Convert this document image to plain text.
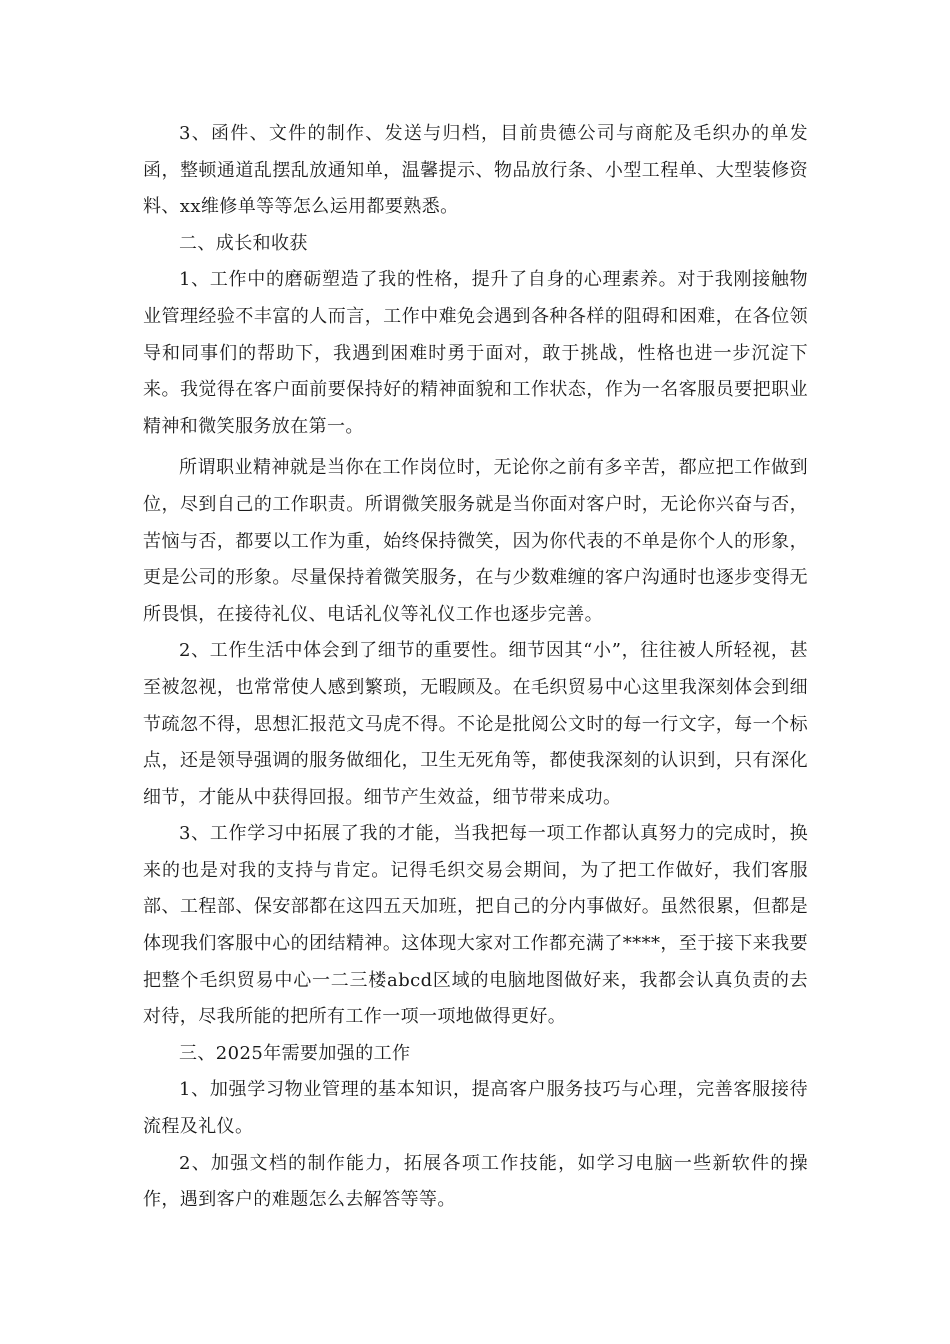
3、函件、文件的制作、发送与归档，目前贵德公司与商舵及毛织办的单发函，整顿通道乱摆乱放通知单，温馨提示、物品放行条、小型工程单、大型装修资料、xx维修单等等怎么运用都要熟悉。

二、成长和收获

1、工作中的磨砺塑造了我的性格，提升了自身的心理素养。对于我刚接触物业管理经验不丰富的人而言，工作中难免会遇到各种各样的阻碍和困难，在各位领导和同事们的帮助下，我遇到困难时勇于面对，敢于挑战，性格也进一步沉淀下来。我觉得在客户面前要保持好的精神面貌和工作状态，作为一名客服员要把职业精神和微笑服务放在第一。

所谓职业精神就是当你在工作岗位时，无论你之前有多辛苦，都应把工作做到位，尽到自己的工作职责。所谓微笑服务就是当你面对客户时，无论你兴奋与否，苦恼与否，都要以工作为重，始终保持微笑，因为你代表的不单是你个人的形象，更是公司的形象。尽量保持着微笑服务，在与少数难缠的客户沟通时也逐步变得无所畏惧，在接待礼仪、电话礼仪等礼仪工作也逐步完善。

2、工作生活中体会到了细节的重要性。细节因其“小”，往往被人所轻视，甚至被忽视，也常常使人感到繁琐，无暇顾及。在毛织贸易中心这里我深刻体会到细节疏忽不得，思想汇报范文马虎不得。不论是批阅公文时的每一行文字，每一个标点，还是领导强调的服务做细化，卫生无死角等，都使我深刻的认识到，只有深化细节，才能从中获得回报。细节产生效益，细节带来成功。

3、工作学习中拓展了我的才能，当我把每一项工作都认真努力的完成时，换来的也是对我的支持与肯定。记得毛织交易会期间，为了把工作做好，我们客服部、工程部、保安部都在这四五天加班，把自己的分内事做好。虽然很累，但都是体现我们客服中心的团结精神。这体现大家对工作都充满了****，至于接下来我要把整个毛织贸易中心一二三楼abcd区域的电脑地图做好来，我都会认真负责的去对待，尽我所能的把所有工作一项一项地做得更好。

三、2025年需要加强的工作

1、加强学习物业管理的基本知识，提高客户服务技巧与心理，完善客服接待流程及礼仪。

2、加强文档的制作能力，拓展各项工作技能，如学习电脑一些新软件的操作，遇到客户的难题怎么去解答等等。
